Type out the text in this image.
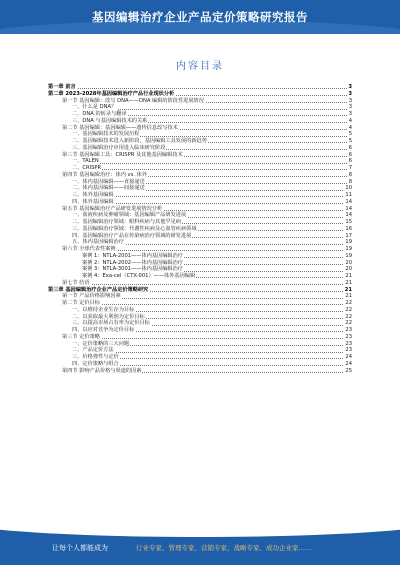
基因编辑治疗企业产品定价策略研究报告
内容目录
第一章 前言	3
第二章 2023-2028年基因编辑治疗产品行业现状分析	3
第一节 基因编辑：改写 DNA——DNA 编辑的阶段性进展情况	3
一、什么是 DNA？	3
二、DNA 的转录与翻译	3
三、DNA 与基因编辑技术的关系	4
第二节 基因编辑：基因编辑——遗传信息改写技术	4
一、基因编辑技术的发展历程	5
二、基因编辑技术进入新阶段，基因编辑工具发展的新趋势	5
三、基因编辑治疗应用进入临床研究阶段	6
第三节 基因编辑工具：CRISPR 及其他基因编辑技术	6
一、TALEN	6
二、CRISPR	7
第四节 基因编辑治疗：体内 vs. 体外	8
一、体内基因编辑——直接递送	8
二、体内基因编辑——间接递送	10
三、体外基因编辑	11
四、体外基因编辑	14
第五节 基因编辑治疗产品研发进展情况分析	14
一、血液疾病及肿瘤领域：基因编辑产品研发进展	14
二、基因编辑治疗领域：眼科疾病与其他罕见病	15
三、基因编辑治疗领域：代谢性疾病及心血管疾病领域	16
四、基因编辑治疗产品在传染病治疗领域的研发进展	17
五、体内基因编辑治疗	19
第六节 全球代表性案例	19
案例 1：NTLA-2001——体内基因编辑治疗	19
案例 2：NTLA-2002——体内基因编辑治疗	20
案例 3：NTLA-3001——体内基因编辑治疗	20
案例 4：Exa-cel（CTX-001）——体外基因编辑	21
第七节 结语	21
第三章 基因编辑治疗企业产品定价策略研究	21
第一节 产品价格影响因素	21
第二节 定价目标	22
一、以维持企业生存为目标	22
二、以获取最大利润为定价目标	22
三、以提高市场占有率为定价目标	22
四、以应对竞争为定价目标	23
第三节 定价策略	23
一、定价策略的三大问题	23
二、产品定价方法	23
三、价格弹性与定价	24
四、定价策略与组合	24
第四节 影响产品价格与渠道的因素	25
让每个人都能成为	行业专家、管理专家、营销专家、战略专家、成功企业家……
